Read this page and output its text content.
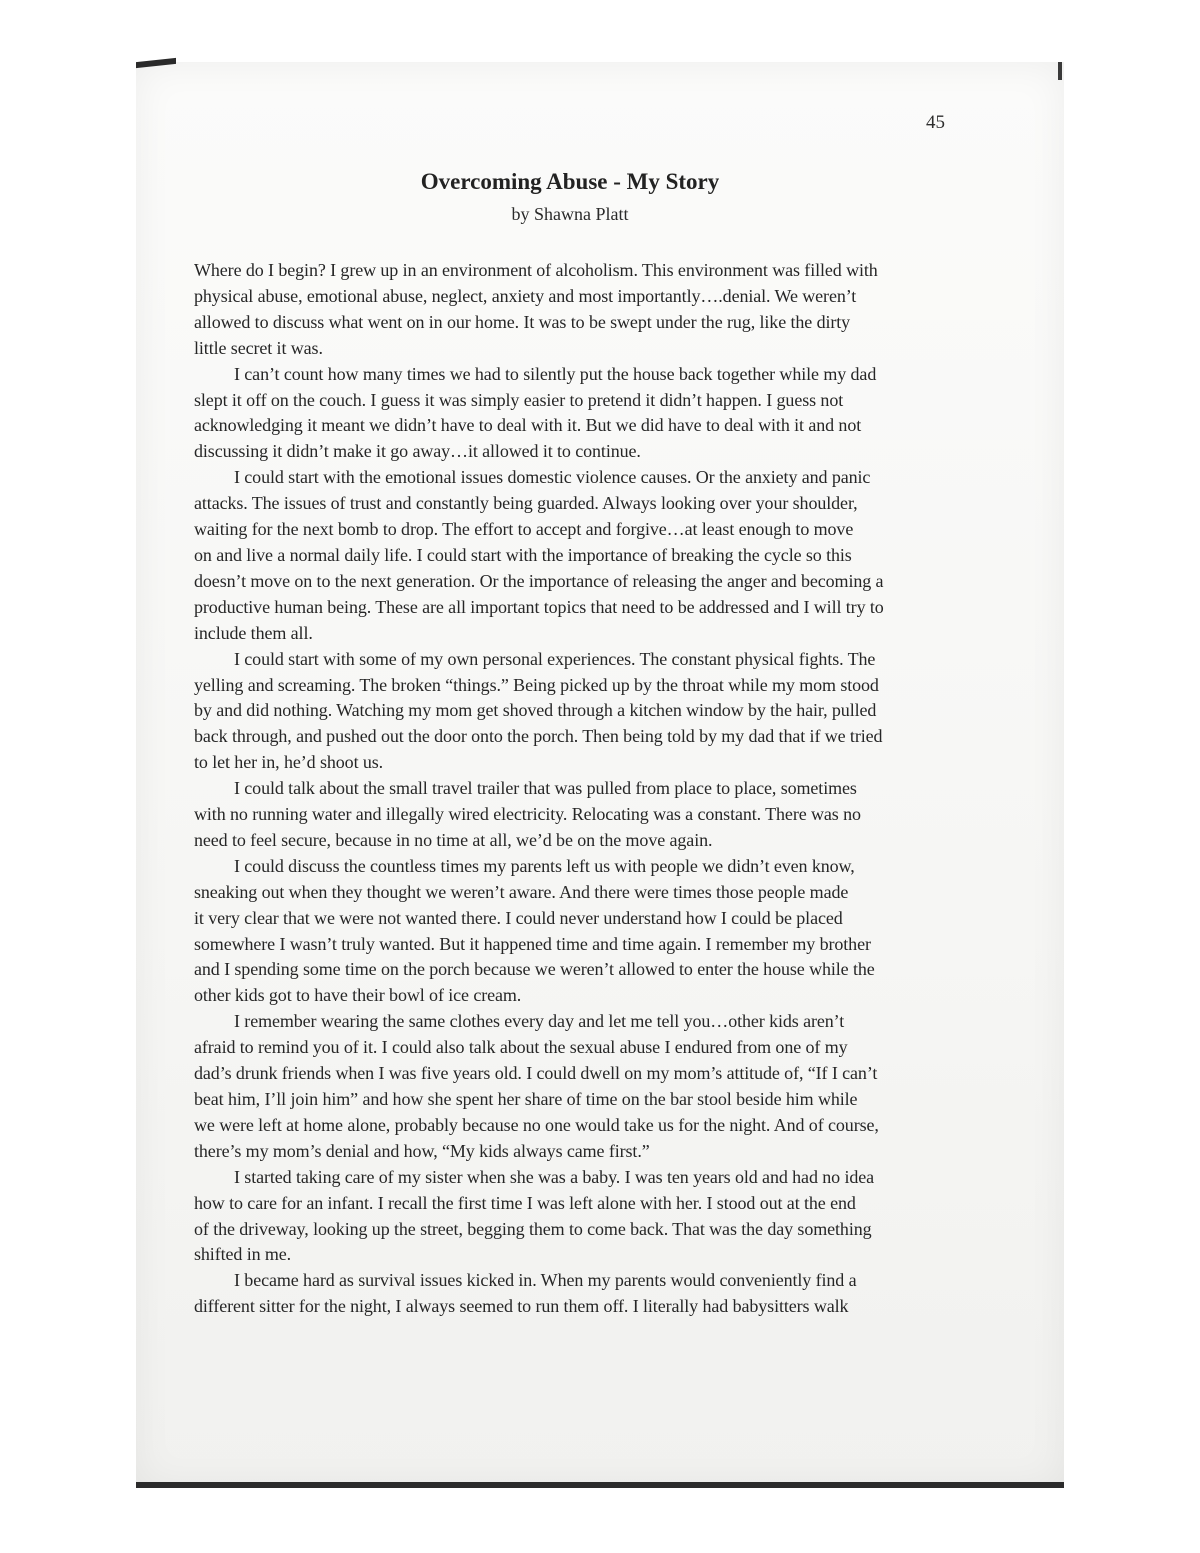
45
Overcoming Abuse - My Story
by Shawna Platt

Where do I begin? I grew up in an environment of alcoholism. This environment was filled with
physical abuse, emotional abuse, neglect, anxiety and most importantly….denial. We weren’t
allowed to discuss what went on in our home. It was to be swept under the rug, like the dirty
little secret it was.

I can’t count how many times we had to silently put the house back together while my dad
slept it off on the couch. I guess it was simply easier to pretend it didn’t happen. I guess not
acknowledging it meant we didn’t have to deal with it. But we did have to deal with it and not
discussing it didn’t make it go away…it allowed it to continue.

I could start with the emotional issues domestic violence causes. Or the anxiety and panic
attacks. The issues of trust and constantly being guarded. Always looking over your shoulder,
waiting for the next bomb to drop. The effort to accept and forgive…at least enough to move
on and live a normal daily life. I could start with the importance of breaking the cycle so this
doesn’t move on to the next generation. Or the importance of releasing the anger and becoming a
productive human being. These are all important topics that need to be addressed and I will try to
include them all.

I could start with some of my own personal experiences. The constant physical fights. The
yelling and screaming. The broken “things.” Being picked up by the throat while my mom stood
by and did nothing. Watching my mom get shoved through a kitchen window by the hair, pulled
back through, and pushed out the door onto the porch. Then being told by my dad that if we tried
to let her in, he’d shoot us.

I could talk about the small travel trailer that was pulled from place to place, sometimes
with no running water and illegally wired electricity. Relocating was a constant. There was no
need to feel secure, because in no time at all, we’d be on the move again.

I could discuss the countless times my parents left us with people we didn’t even know,
sneaking out when they thought we weren’t aware. And there were times those people made
it very clear that we were not wanted there. I could never understand how I could be placed
somewhere I wasn’t truly wanted. But it happened time and time again. I remember my brother
and I spending some time on the porch because we weren’t allowed to enter the house while the
other kids got to have their bowl of ice cream.

I remember wearing the same clothes every day and let me tell you…other kids aren’t
afraid to remind you of it. I could also talk about the sexual abuse I endured from one of my
dad’s drunk friends when I was five years old. I could dwell on my mom’s attitude of, “If I can’t
beat him, I’ll join him” and how she spent her share of time on the bar stool beside him while
we were left at home alone, probably because no one would take us for the night. And of course,
there’s my mom’s denial and how, “My kids always came first.”

I started taking care of my sister when she was a baby. I was ten years old and had no idea
how to care for an infant. I recall the first time I was left alone with her. I stood out at the end
of the driveway, looking up the street, begging them to come back. That was the day something
shifted in me.

I became hard as survival issues kicked in. When my parents would conveniently find a
different sitter for the night, I always seemed to run them off. I literally had babysitters walk
